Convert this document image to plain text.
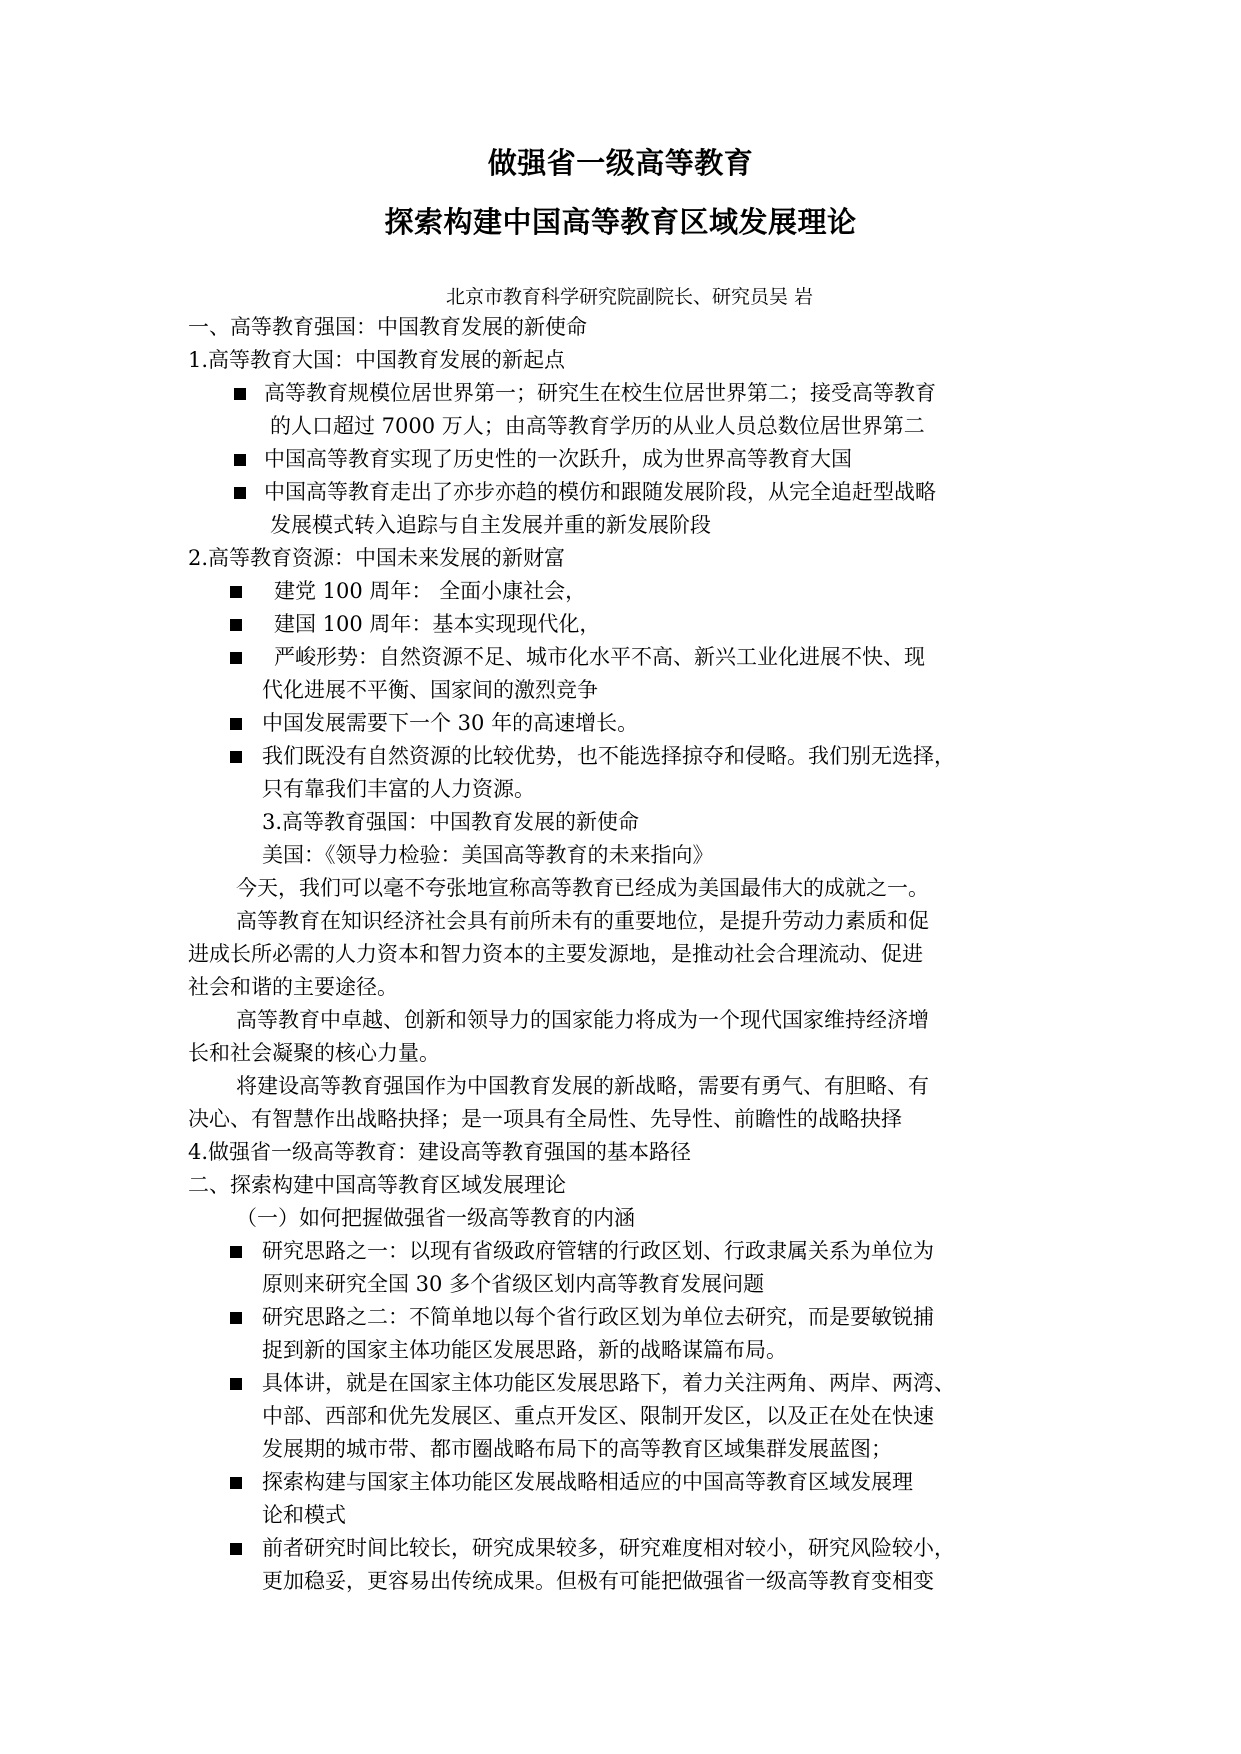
做强省一级高等教育
探索构建中国高等教育区域发展理论
北京市教育科学研究院副院长、研究员吴 岩
一、高等教育强国：中国教育发展的新使命
1.高等教育大国：中国教育发展的新起点
高等教育规模位居世界第一；研究生在校生位居世界第二；接受高等教育
的人口超过 7000 万人；由高等教育学历的从业人员总数位居世界第二
中国高等教育实现了历史性的一次跃升，成为世界高等教育大国
中国高等教育走出了亦步亦趋的模仿和跟随发展阶段，从完全追赶型战略
发展模式转入追踪与自主发展并重的新发展阶段
2.高等教育资源：中国未来发展的新财富
建党 100 周年： 全面小康社会，
建国 100 周年：基本实现现代化，
严峻形势：自然资源不足、城市化水平不高、新兴工业化进展不快、现
代化进展不平衡、国家间的激烈竞争
中国发展需要下一个 30 年的高速增长。
我们既没有自然资源的比较优势，也不能选择掠夺和侵略。我们别无选择，
只有靠我们丰富的人力资源。
3.高等教育强国：中国教育发展的新使命
美国：《领导力检验：美国高等教育的未来指向》
今天，我们可以毫不夸张地宣称高等教育已经成为美国最伟大的成就之一。
高等教育在知识经济社会具有前所未有的重要地位，是提升劳动力素质和促
进成长所必需的人力资本和智力资本的主要发源地，是推动社会合理流动、促进
社会和谐的主要途径。
高等教育中卓越、创新和领导力的国家能力将成为一个现代国家维持经济增
长和社会凝聚的核心力量。
将建设高等教育强国作为中国教育发展的新战略，需要有勇气、有胆略、有
决心、有智慧作出战略抉择；是一项具有全局性、先导性、前瞻性的战略抉择
4.做强省一级高等教育：建设高等教育强国的基本路径
二、探索构建中国高等教育区域发展理论
（一）如何把握做强省一级高等教育的内涵
研究思路之一：以现有省级政府管辖的行政区划、行政隶属关系为单位为
原则来研究全国 30 多个省级区划内高等教育发展问题
研究思路之二：不简单地以每个省行政区划为单位去研究，而是要敏锐捕
捉到新的国家主体功能区发展思路，新的战略谋篇布局。
具体讲，就是在国家主体功能区发展思路下，着力关注两角、两岸、两湾、
中部、西部和优先发展区、重点开发区、限制开发区，以及正在处在快速
发展期的城市带、都市圈战略布局下的高等教育区域集群发展蓝图；
探索构建与国家主体功能区发展战略相适应的中国高等教育区域发展理
论和模式
前者研究时间比较长，研究成果较多，研究难度相对较小，研究风险较小，
更加稳妥，更容易出传统成果。但极有可能把做强省一级高等教育变相变
